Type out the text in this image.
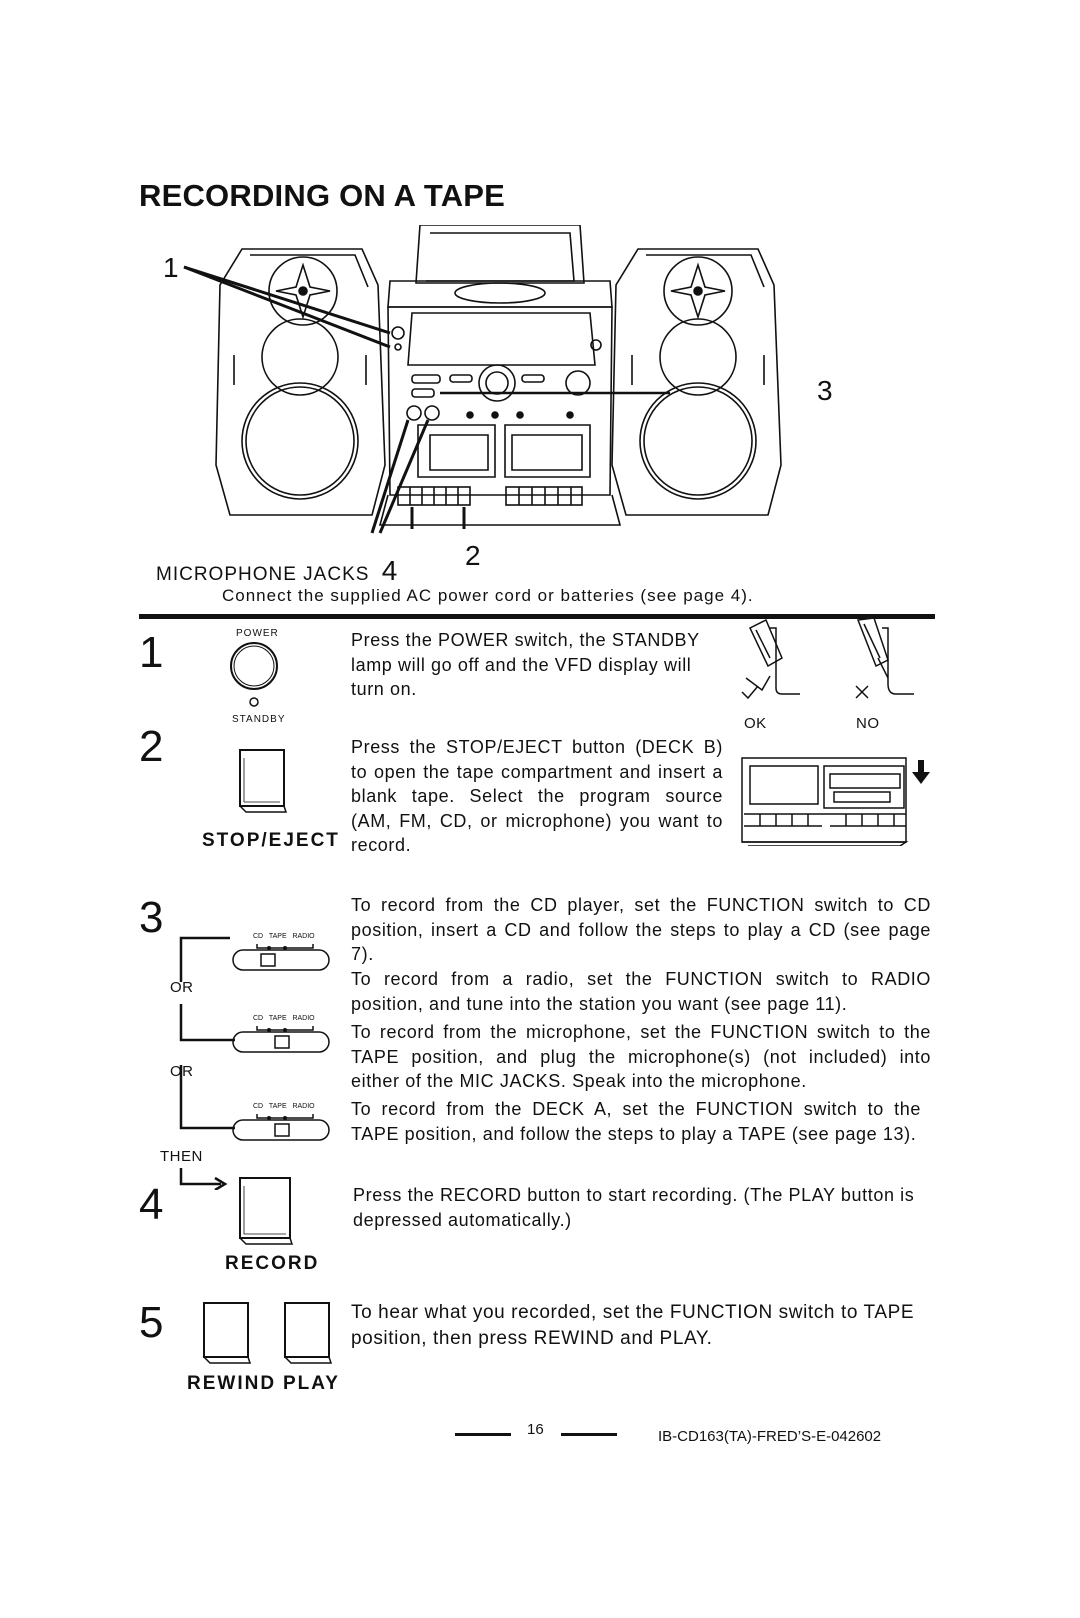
RECORDING ON A TAPE
1
3
MICROPHONE JACKS 4 2
Connect the supplied AC power cord or batteries (see page 4).
1	POWER
STANDBY
Press the POWER switch, the STANDBY lamp will go off and the VFD display will turn on.
OK	NO
2
STOP/EJECT
Press the STOP/EJECT button (DECK B) to open the tape compartment and insert a blank tape. Select the program source (AM, FM, CD, or microphone) you want to record.
3	To record from the CD player, set the FUNCTION switch to CD position, insert a CD and follow the steps to play a CD (see page 7).
To record from a radio, set the FUNCTION switch to RADIO position, and tune into the station you want (see page 11).
To record from the microphone, set the FUNCTION switch to the TAPE position, and plug the microphone(s) (not included) into either of the MIC JACKS. Speak into the microphone.
To record from the DECK A, set the FUNCTION switch to the TAPE position, and follow the steps to play a TAPE (see page 13).
CD TAPE RADIO
CD TAPE RADIO
CD TAPE RADIO
OR
OR
THEN
4
RECORD
Press the RECORD button to start recording. (The PLAY button is depressed automatically.)
5
REWIND PLAY
To hear what you recorded, set the FUNCTION switch to TAPE position, then press REWIND and PLAY.
16	IB-CD163(TA)-FRED’S-E-042602
